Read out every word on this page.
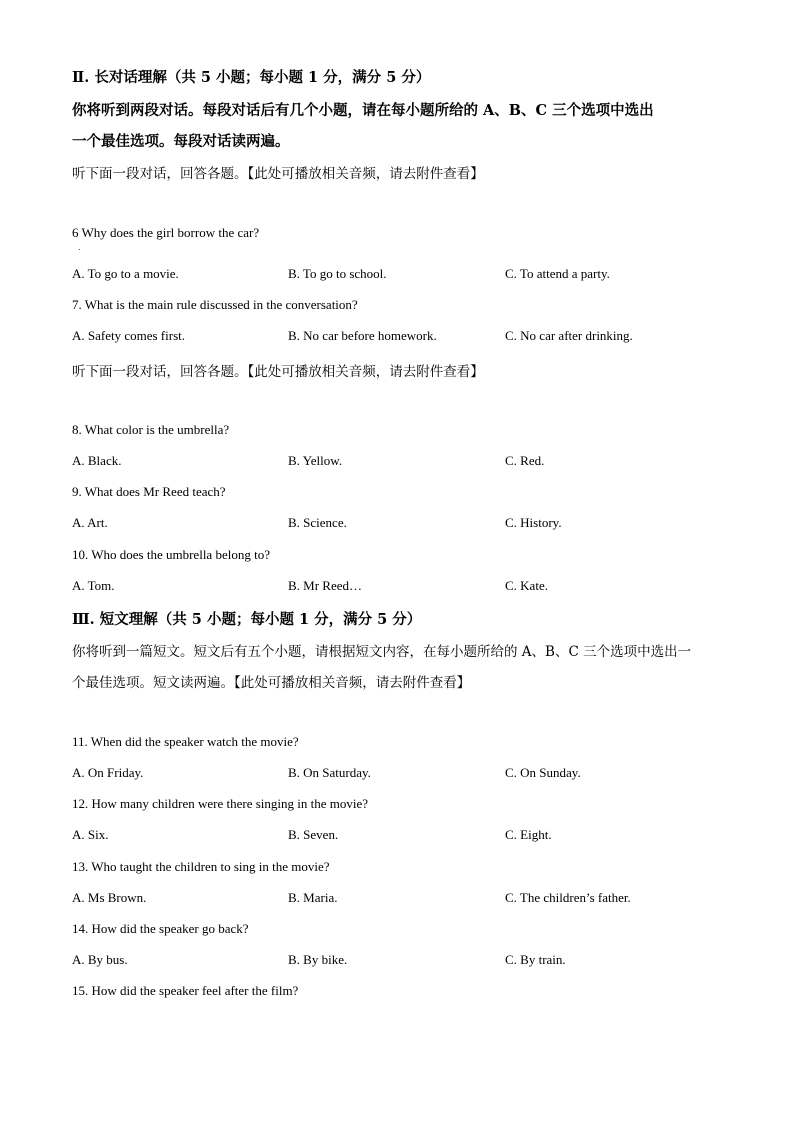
Ⅱ. 长对话理解（共 5 小题；每小题 1 分，满分 5 分）
你将听到两段对话。每段对话后有几个小题，请在每小题所给的 A、B、C 三个选项中选出
一个最佳选项。每段对话读两遍。
听下面一段对话，回答各题。【此处可播放相关音频，请去附件查看】
6 Why does the girl borrow the car?
.
A. To go to a movie.	B. To go to school.	C. To attend a party.
7. What is the main rule discussed in the conversation?
A. Safety comes first.	B. No car before homework.	C. No car after drinking.
听下面一段对话，回答各题。【此处可播放相关音频，请去附件查看】
8. What color is the umbrella?
A. Black.	B. Yellow.	C. Red.
9. What does Mr Reed teach?
A. Art.	B. Science.	C. History.
10. Who does the umbrella belong to?
A. Tom.	B. Mr Reed…	C. Kate.
Ⅲ. 短文理解（共 5 小题；每小题 1 分，满分 5 分）
你将听到一篇短文。短文后有五个小题，请根据短文内容，在每小题所给的 A、B、C 三个选项中选出一
个最佳选项。短文读两遍。【此处可播放相关音频，请去附件查看】
11. When did the speaker watch the movie?
A. On Friday.	B. On Saturday.	C. On Sunday.
12. How many children were there singing in the movie?
A. Six.	B. Seven.	C. Eight.
13. Who taught the children to sing in the movie?
A. Ms Brown.	B. Maria.	C. The children’s father.
14. How did the speaker go back?
A. By bus.	B. By bike.	C. By train.
15. How did the speaker feel after the film?
